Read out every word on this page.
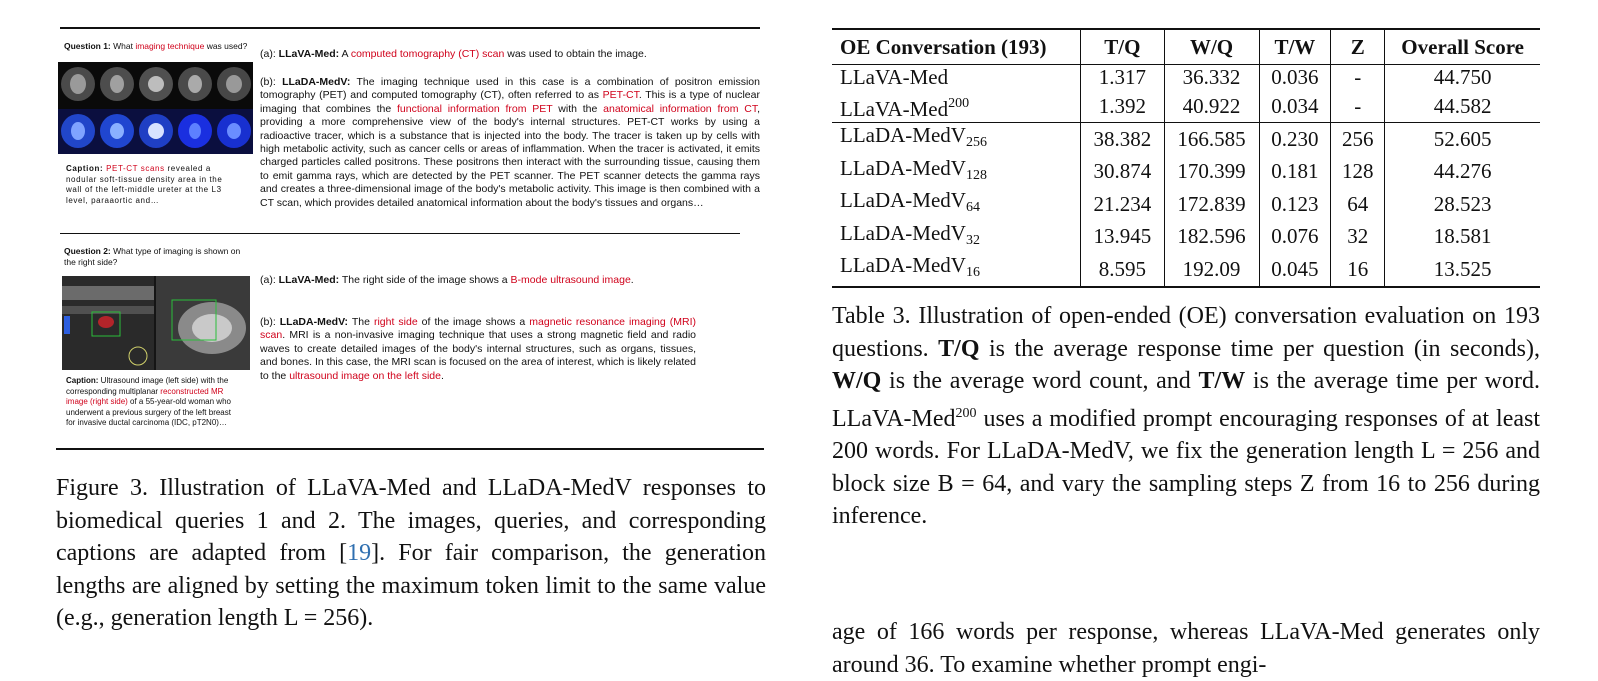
Question 1: What imaging technique was used?
Caption: PET-CT scans revealed a nodular soft-tissue density area in the wall of the left-middle ureter at the L3 level, paraaortic and…
(a): LLaVA-Med: A computed tomography (CT) scan was used to obtain the image.
(b): LLaDA-MedV: The imaging technique used in this case is a combination of positron emission tomography (PET) and computed tomography (CT), often referred to as PET-CT. This is a type of nuclear imaging that combines the functional information from PET with the anatomical information from CT, providing a more comprehensive view of the body's internal structures. PET-CT works by using a radioactive tracer, which is a substance that is injected into the body. The tracer is taken up by cells with high metabolic activity, such as cancer cells or areas of inflammation. When the tracer is activated, it emits charged particles called positrons. These positrons then interact with the surrounding tissue, causing them to emit gamma rays, which are detected by the PET scanner. The PET scanner detects the gamma rays and creates a three-dimensional image of the body's metabolic activity. This image is then combined with a CT scan, which provides detailed anatomical information about the body's tissues and organs…
Question 2: What type of imaging is shown on the right side?
Caption: Ultrasound image (left side) with the corresponding multiplanar reconstructed MR image (right side) of a 55-year-old woman who underwent a previous surgery of the left breast for invasive ductal carcinoma (IDC, pT2N0)…
(a): LLaVA-Med: The right side of the image shows a B-mode ultrasound image.
(b): LLaDA-MedV: The right side of the image shows a magnetic resonance imaging (MRI) scan. MRI is a non-invasive imaging technique that uses a strong magnetic field and radio waves to create detailed images of the body's internal structures, such as organs, tissues, and bones. In this case, the MRI scan is focused on the area of interest, which is likely related to the ultrasound image on the left side.
Figure 3. Illustration of LLaVA-Med and LLaDA-MedV responses to biomedical queries 1 and 2. The images, queries, and corresponding captions are adapted from [19]. For fair comparison, the generation lengths are aligned by setting the maximum token limit to the same value (e.g., generation length L = 256).
OE Conversation (193)	T/Q	W/Q	T/W	Z	Overall Score
LLaVA-Med	1.317	36.332	0.036	-	44.750
LLaVA-Med$^{200}$	1.392	40.922	0.034	-	44.582
LLaDA-MedV$_{256}$	38.382	166.585	0.230	256	52.605
LLaDA-MedV$_{128}$	30.874	170.399	0.181	128	44.276
LLaDA-MedV$_{64}$	21.234	172.839	0.123	64	28.523
LLaDA-MedV$_{32}$	13.945	182.596	0.076	32	18.581
LLaDA-MedV$_{16}$	8.595	192.09	0.045	16	13.525
Table 3. Illustration of open-ended (OE) conversation evaluation on 193 questions. T/Q is the average response time per question (in seconds), W/Q is the average word count, and T/W is the average time per word. LLaVA-Med$^{200}$ uses a modified prompt encouraging responses of at least 200 words. For LLaDA-MedV, we fix the generation length L = 256 and block size B = 64, and vary the sampling steps Z from 16 to 256 during inference.
age of 166 words per response, whereas LLaVA-Med generates only around 36. To examine whether prompt engi-
